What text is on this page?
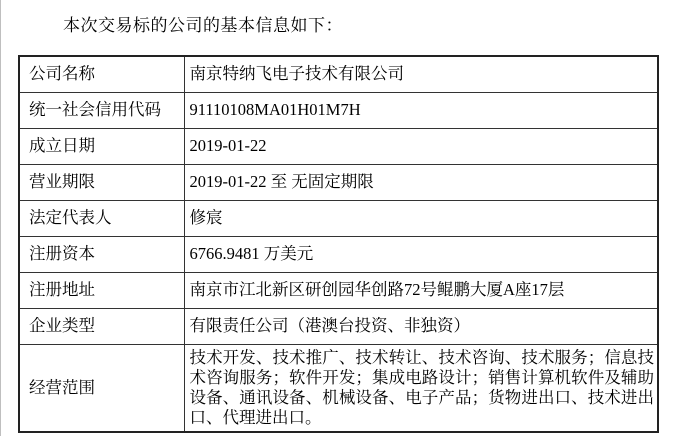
本次交易标的公司的基本信息如下：
公司名称	南京特纳飞电子技术有限公司
统一社会信用代码	91110108MA01H01M7H
成立日期	2019-01-22
营业期限	2019-01-22 至 无固定期限
法定代表人	修宸
注册资本	6766.9481 万美元
注册地址	南京市江北新区研创园华创路72号鲲鹏大厦A座17层
企业类型	有限责任公司（港澳台投资、非独资）
经营范围	技术开发、技术推广、技术转让、技术咨询、技术服务；信息技术咨询服务；软件开发；集成电路设计；销售计算机软件及辅助设备、通讯设备、机械设备、电子产品；货物进出口、技术进出口、代理进出口。
